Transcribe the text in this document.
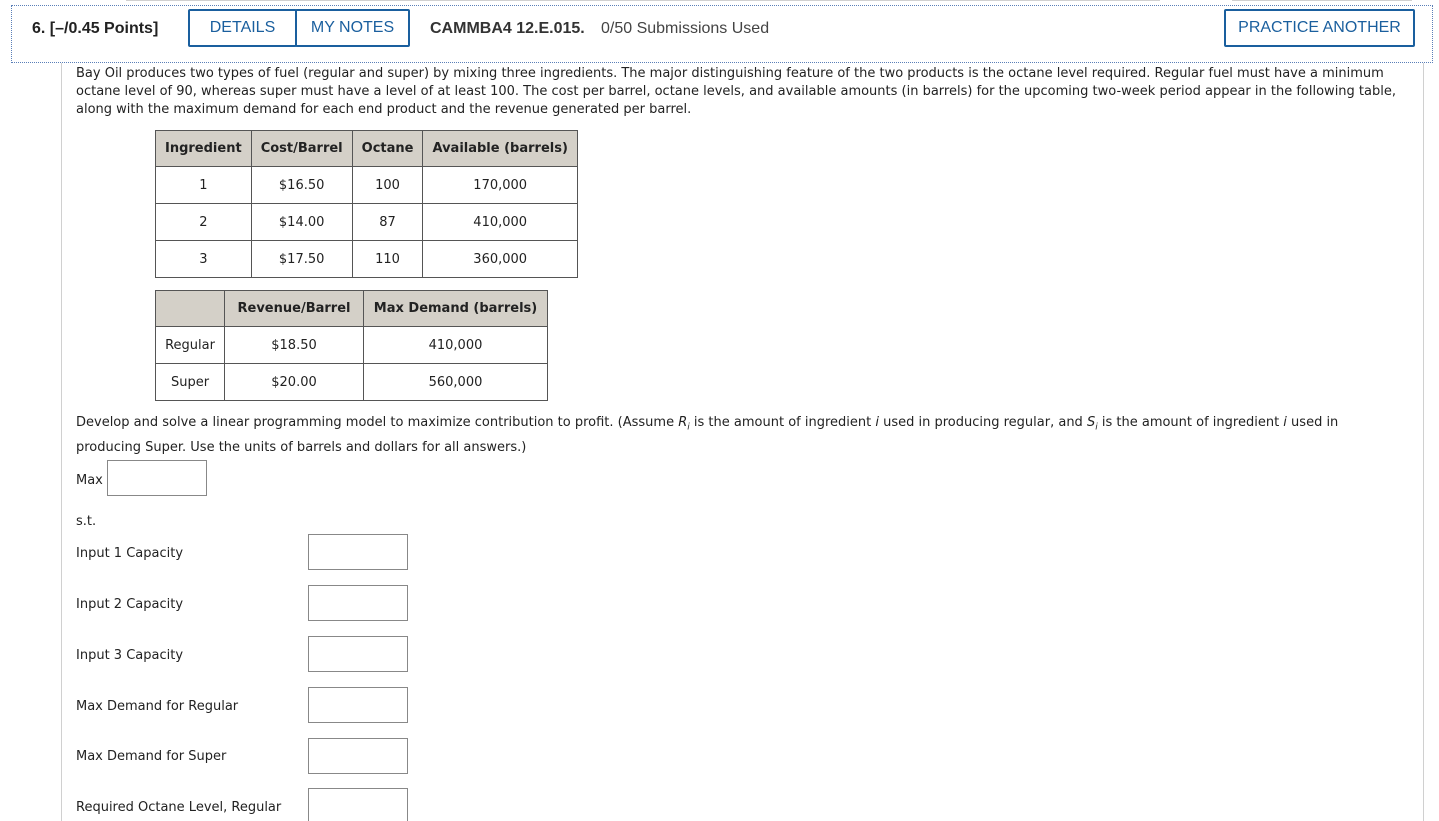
6. [–/0.45 Points]	DETAILS	MY NOTES	CAMMBA4 12.E.015. 0/50 Submissions Used	PRACTICE ANOTHER

Bay Oil produces two types of fuel (regular and super) by mixing three ingredients. The major distinguishing feature of the two products is the octane level required. Regular fuel must have a minimum octane level of 90, whereas super must have a level of at least 100. The cost per barrel, octane levels, and available amounts (in barrels) for the upcoming two-week period appear in the following table, along with the maximum demand for each end product and the revenue generated per barrel.

Ingredient	Cost/Barrel	Octane	Available (barrels)
1	$16.50	100	170,000
2	$14.00	87	410,000
3	$17.50	110	360,000
	Revenue/Barrel	Max Demand (barrels)
Regular	$18.50	410,000
Super	$20.00	560,000

Develop and solve a linear programming model to maximize contribution to profit. (Assume $R_i$ is the amount of ingredient i used in producing regular, and $S_i$ is the amount of ingredient i used in producing Super. Use the units of barrels and dollars for all answers.)

Max
s.t.
Input 1 Capacity
Input 2 Capacity
Input 3 Capacity
Max Demand for Regular
Max Demand for Super
Required Octane Level, Regular
